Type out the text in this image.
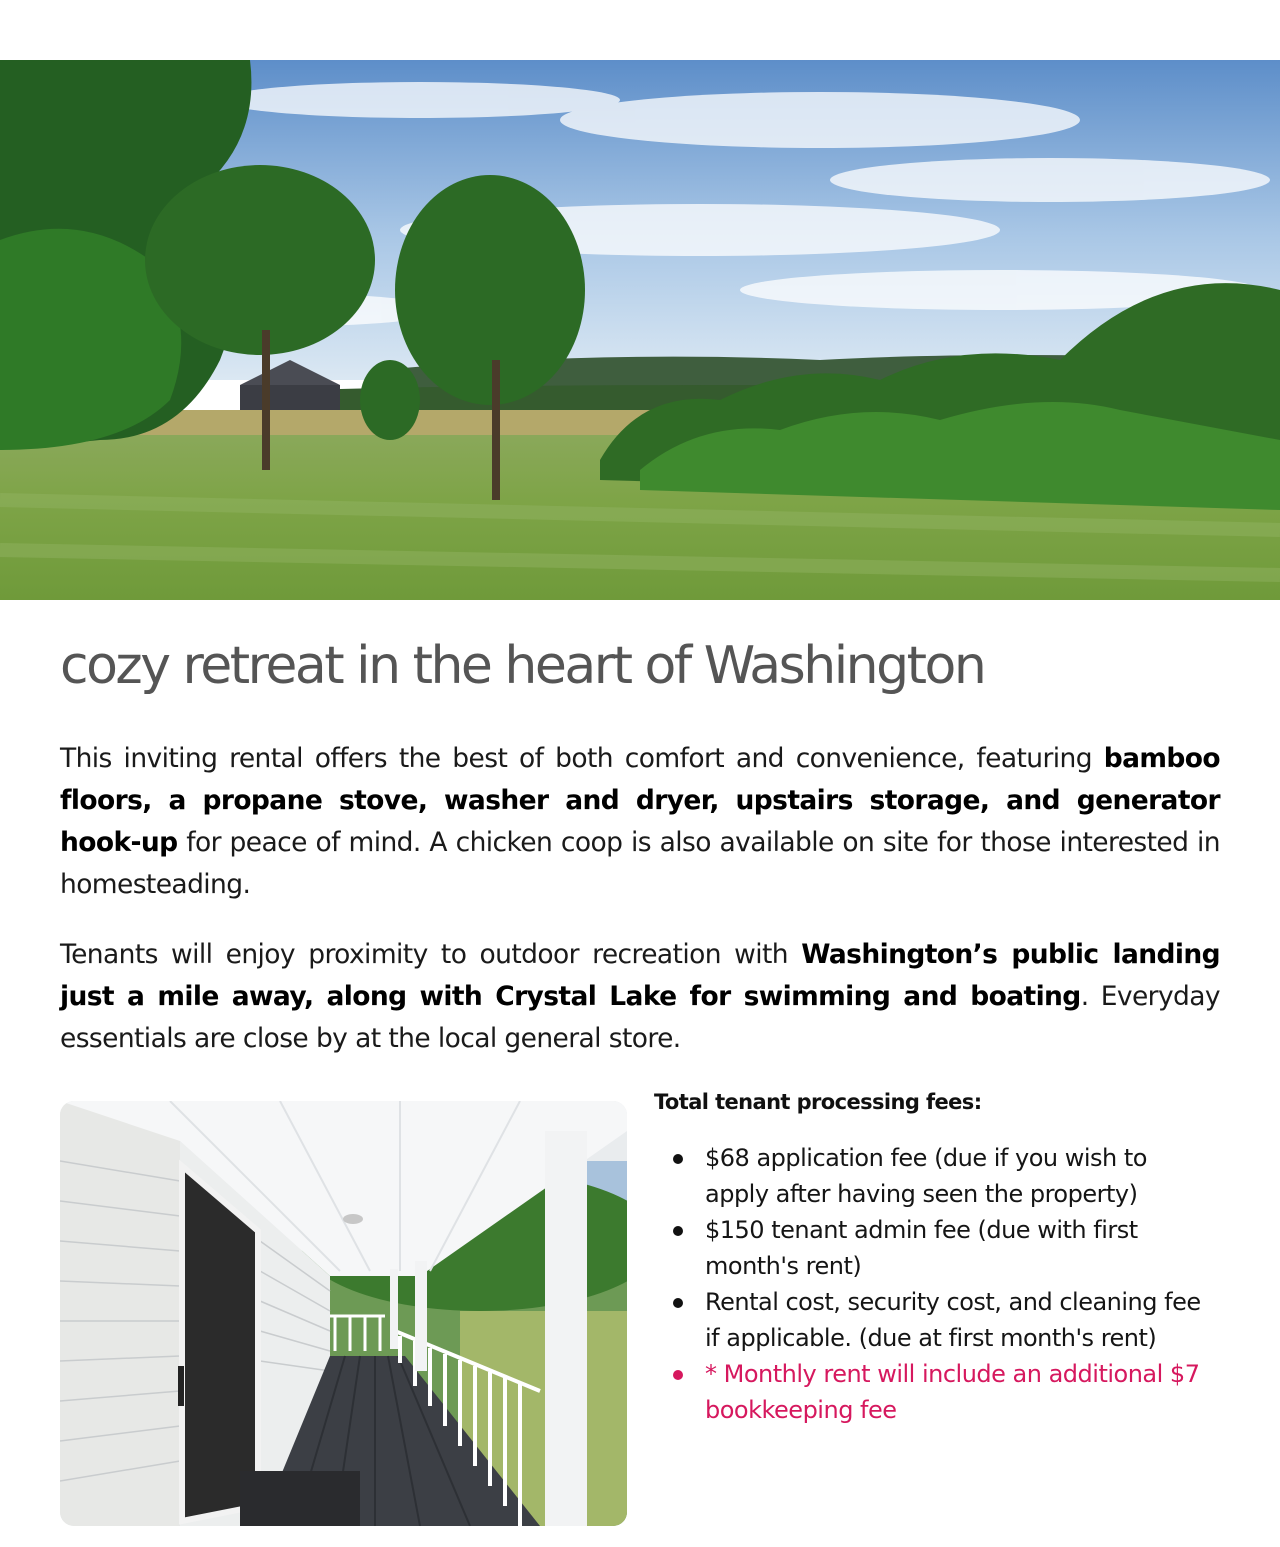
cozy retreat in the heart of Washington

This inviting rental offers the best of both comfort and convenience, featuring bamboo floors, a propane stove, washer and dryer, upstairs storage, and generator hook-up for peace of mind. A chicken coop is also available on site for those interested in homesteading.

Tenants will enjoy proximity to outdoor recreation with Washington’s public landing just a mile away, along with Crystal Lake for swimming and boating. Everyday essentials are close by at the local general store.

Total tenant processing fees:

$68 application fee (due if you wish to apply after having seen the property)
$150 tenant admin fee (due with first month's rent)
Rental cost, security cost, and cleaning fee if applicable. (due at first month's rent)
* Monthly rent will include an additional $7 bookkeeping fee
